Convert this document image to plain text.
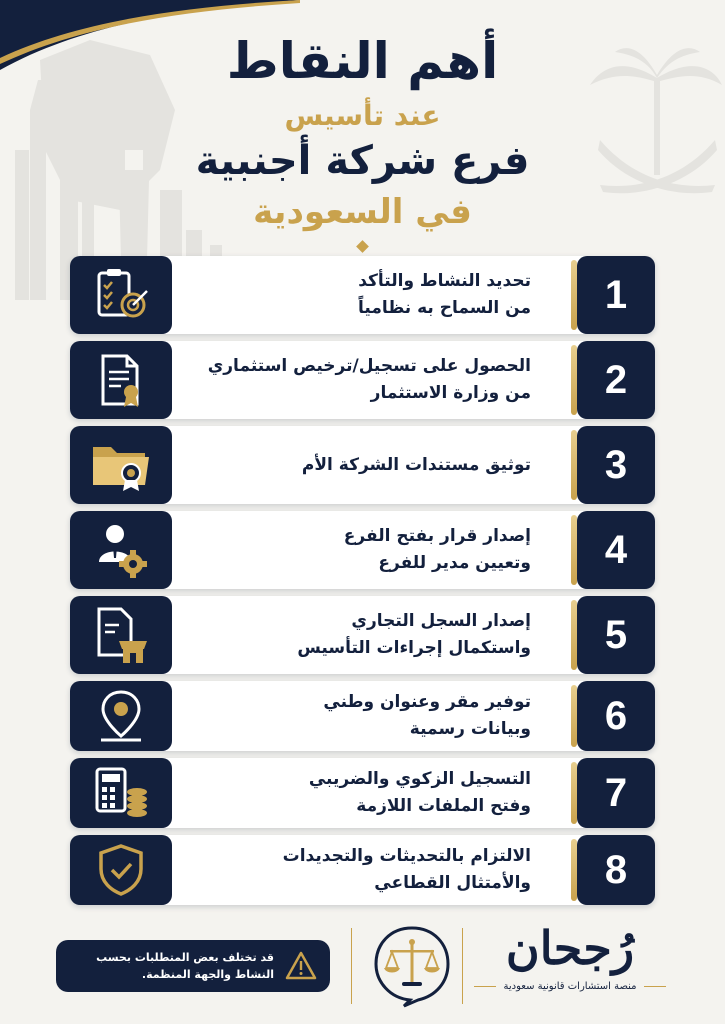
أهم النقاط
عند تأسيس
فرع شركة أجنبية
في السعودية
تحديد النشاط والتأكد
من السماح به نظامياً	1
الحصول على تسجيل/ترخيص استثماري
من وزارة الاستثمار	2
توثيق مستندات الشركة الأم	3
إصدار قرار بفتح الفرع
وتعيين مدير للفرع	4
إصدار السجل التجاري
واستكمال إجراءات التأسيس	5
توفير مقر وعنوان وطني
وبيانات رسمية	6
التسجيل الزكوي والضريبي
وفتح الملفات اللازمة	7
الالتزام بالتحديثات والتجديدات
والأمتثال القطاعي	8
قد تختلف بعض المتطلبات بحسب
النشاط والجهة المنظمة.	رُجحان
منصة استشارات قانونية سعودية
